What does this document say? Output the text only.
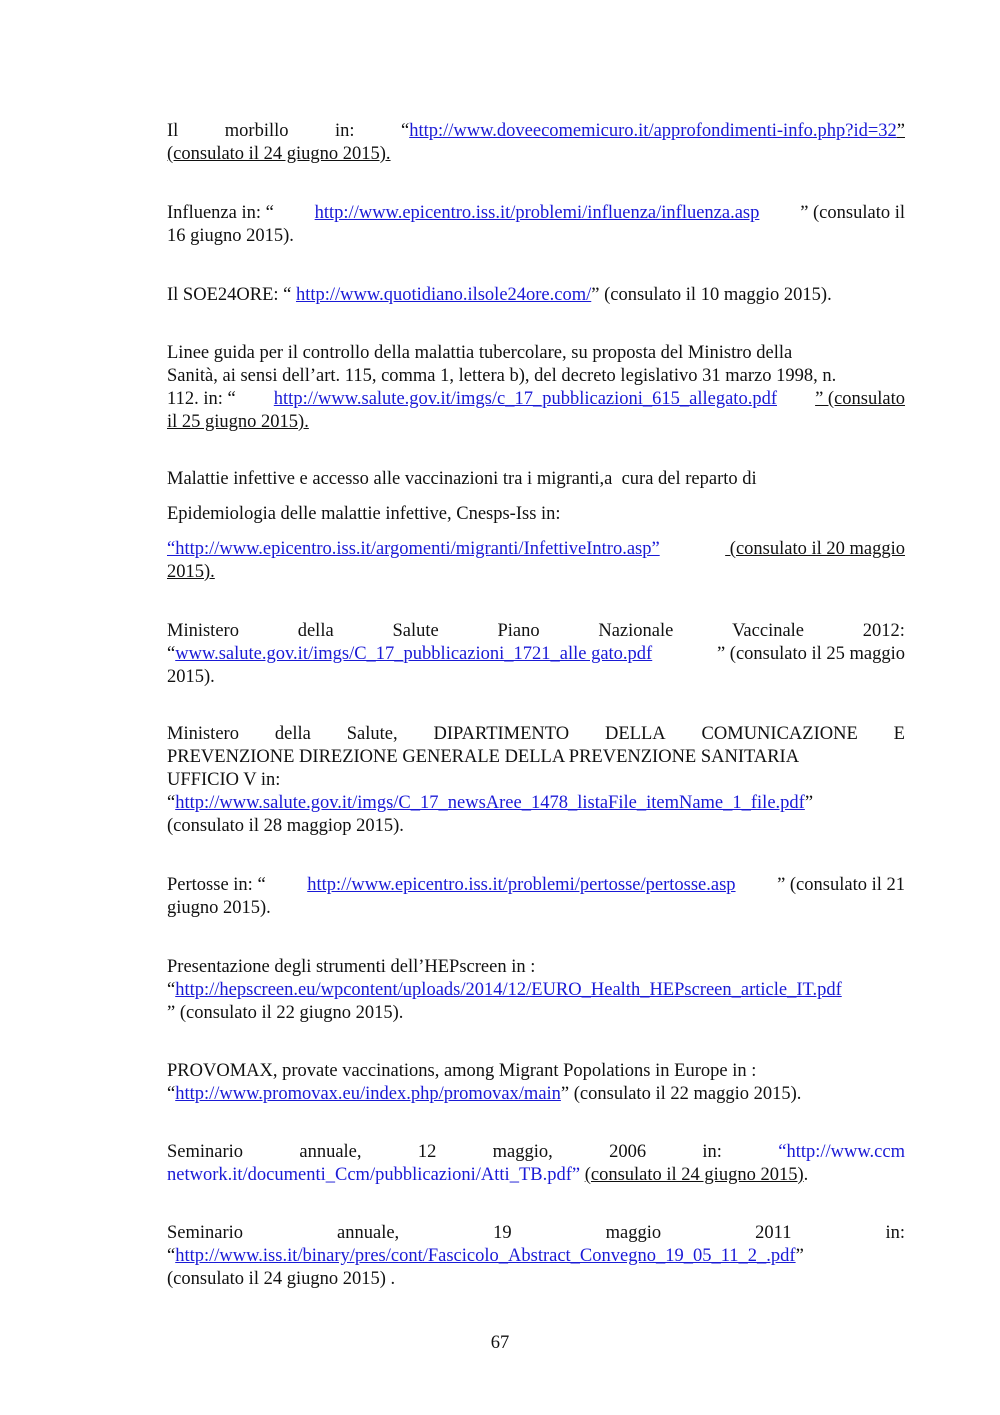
Il	morbillo	in:	“http://www.doveecomemicuro.it/approfondimenti-info.php?id=32”
(consulato il 24 giugno 2015).
Influenza in: “ http://www.epicentro.iss.it/problemi/influenza/influenza.asp ” (consulato il
16 giugno 2015).
Il SOE24ORE: “ http://www.quotidiano.ilsole24ore.com/” (consulato il 10 maggio 2015).
Linee guida per il controllo della malattia tubercolare, su proposta del Ministro della
Sanità, ai sensi dell’art. 115, comma 1, lettera b), del decreto legislativo 31 marzo 1998, n.
112. in: “ http://www.salute.gov.it/imgs/c_17_pubblicazioni_615_allegato.pdf ” (consulato
il 25 giugno 2015).
Malattie infettive e accesso alle vaccinazioni tra i migranti,a  cura del reparto di
Epidemiologia delle malattie infettive, Cnesps-Iss in:
“http://www.epicentro.iss.it/argomenti/migranti/InfettiveIntro.asp”	(consulato il 20 maggio
2015).
Ministero	della	Salute	Piano	Nazionale	Vaccinale	2012:
“www.salute.gov.it/imgs/C_17_pubblicazioni_1721_alle gato.pdf	” (consulato il 25 maggio
2015).
Ministero della Salute, DIPARTIMENTO DELLA COMUNICAZIONE E
PREVENZIONE DIREZIONE GENERALE DELLA PREVENZIONE SANITARIA
UFFICIO V in:
“http://www.salute.gov.it/imgs/C_17_newsAree_1478_listaFile_itemName_1_file.pdf”
(consulato il 28 maggiop 2015).
Pertosse in: “ http://www.epicentro.iss.it/problemi/pertosse/pertosse.asp ” (consulato il 21
giugno 2015).
Presentazione degli strumenti dell’HEPscreen in :
“http://hepscreen.eu/wpcontent/uploads/2014/12/EURO_Health_HEPscreen_article_IT.pdf
” (consulato il 22 giugno 2015).
PROVOMAX, provate vaccinations, among Migrant Popolations in Europe in :
“http://www.promovax.eu/index.php/promovax/main” (consulato il 22 maggio 2015).
Seminario	annuale,	12	maggio,	2006	in:	“http://www.ccm
network.it/documenti_Ccm/pubblicazioni/Atti_TB.pdf” (consulato il 24 giugno 2015).
Seminario	annuale,	19	maggio	2011	in:
“http://www.iss.it/binary/pres/cont/Fascicolo_Abstract_Convegno_19_05_11_2_.pdf”
(consulato il 24 giugno 2015) .
67
